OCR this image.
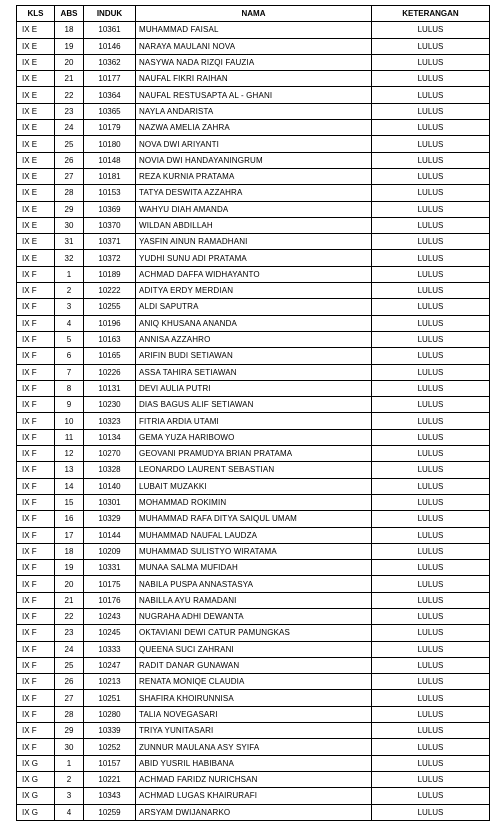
KLS	ABS	INDUK	NAMA	KETERANGAN
IX E	18	10361	MUHAMMAD FAISAL	LULUS
IX E	19	10146	NARAYA MAULANI NOVA	LULUS
IX E	20	10362	NASYWA NADA RIZQI FAUZIA	LULUS
IX E	21	10177	NAUFAL FIKRI RAIHAN	LULUS
IX E	22	10364	NAUFAL RESTUSAPTA AL - GHANI	LULUS
IX E	23	10365	NAYLA ANDARISTA	LULUS
IX E	24	10179	NAZWA AMELIA ZAHRA	LULUS
IX E	25	10180	NOVA DWI ARIYANTI	LULUS
IX E	26	10148	NOVIA DWI HANDAYANINGRUM	LULUS
IX E	27	10181	REZA KURNIA PRATAMA	LULUS
IX E	28	10153	TATYA DESWITA AZZAHRA	LULUS
IX E	29	10369	WAHYU DIAH AMANDA	LULUS
IX E	30	10370	WILDAN ABDILLAH	LULUS
IX E	31	10371	YASFIN AINUN RAMADHANI	LULUS
IX E	32	10372	YUDHI SUNU ADI PRATAMA	LULUS
IX F	1	10189	ACHMAD DAFFA WIDHAYANTO	LULUS
IX F	2	10222	ADITYA ERDY MERDIAN	LULUS
IX F	3	10255	ALDI SAPUTRA	LULUS
IX F	4	10196	ANIQ KHUSANA ANANDA	LULUS
IX F	5	10163	ANNISA AZZAHRO	LULUS
IX F	6	10165	ARIFIN BUDI SETIAWAN	LULUS
IX F	7	10226	ASSA TAHIRA SETIAWAN	LULUS
IX F	8	10131	DEVI AULIA PUTRI	LULUS
IX F	9	10230	DIAS BAGUS ALIF SETIAWAN	LULUS
IX F	10	10323	FITRIA ARDIA UTAMI	LULUS
IX F	11	10134	GEMA YUZA HARIBOWO	LULUS
IX F	12	10270	GEOVANI PRAMUDYA BRIAN PRATAMA	LULUS
IX F	13	10328	LEONARDO LAURENT SEBASTIAN	LULUS
IX F	14	10140	LUBAIT MUZAKKI	LULUS
IX F	15	10301	MOHAMMAD ROKIMIN	LULUS
IX F	16	10329	MUHAMMAD RAFA DITYA SAIQUL UMAM	LULUS
IX F	17	10144	MUHAMMAD NAUFAL LAUDZA	LULUS
IX F	18	10209	MUHAMMAD SULISTYO WIRATAMA	LULUS
IX F	19	10331	MUNAA SALMA MUFIDAH	LULUS
IX F	20	10175	NABILA PUSPA ANNASTASYA	LULUS
IX F	21	10176	NABILLA AYU RAMADANI	LULUS
IX F	22	10243	NUGRAHA ADHI DEWANTA	LULUS
IX F	23	10245	OKTAVIANI DEWI CATUR PAMUNGKAS	LULUS
IX F	24	10333	QUEENA SUCI ZAHRANI	LULUS
IX F	25	10247	RADIT DANAR GUNAWAN	LULUS
IX F	26	10213	RENATA MONIQE CLAUDIA	LULUS
IX F	27	10251	SHAFIRA KHOIRUNNISA	LULUS
IX F	28	10280	TALIA NOVEGASARI	LULUS
IX F	29	10339	TRIYA YUNITASARI	LULUS
IX F	30	10252	ZUNNUR MAULANA ASY SYIFA	LULUS
IX G	1	10157	ABID YUSRIL HABIBANA	LULUS
IX G	2	10221	ACHMAD FARIDZ NURICHSAN	LULUS
IX G	3	10343	ACHMAD LUGAS KHAIRURAFI	LULUS
IX G	4	10259	ARSYAM DWIJANARKO	LULUS
